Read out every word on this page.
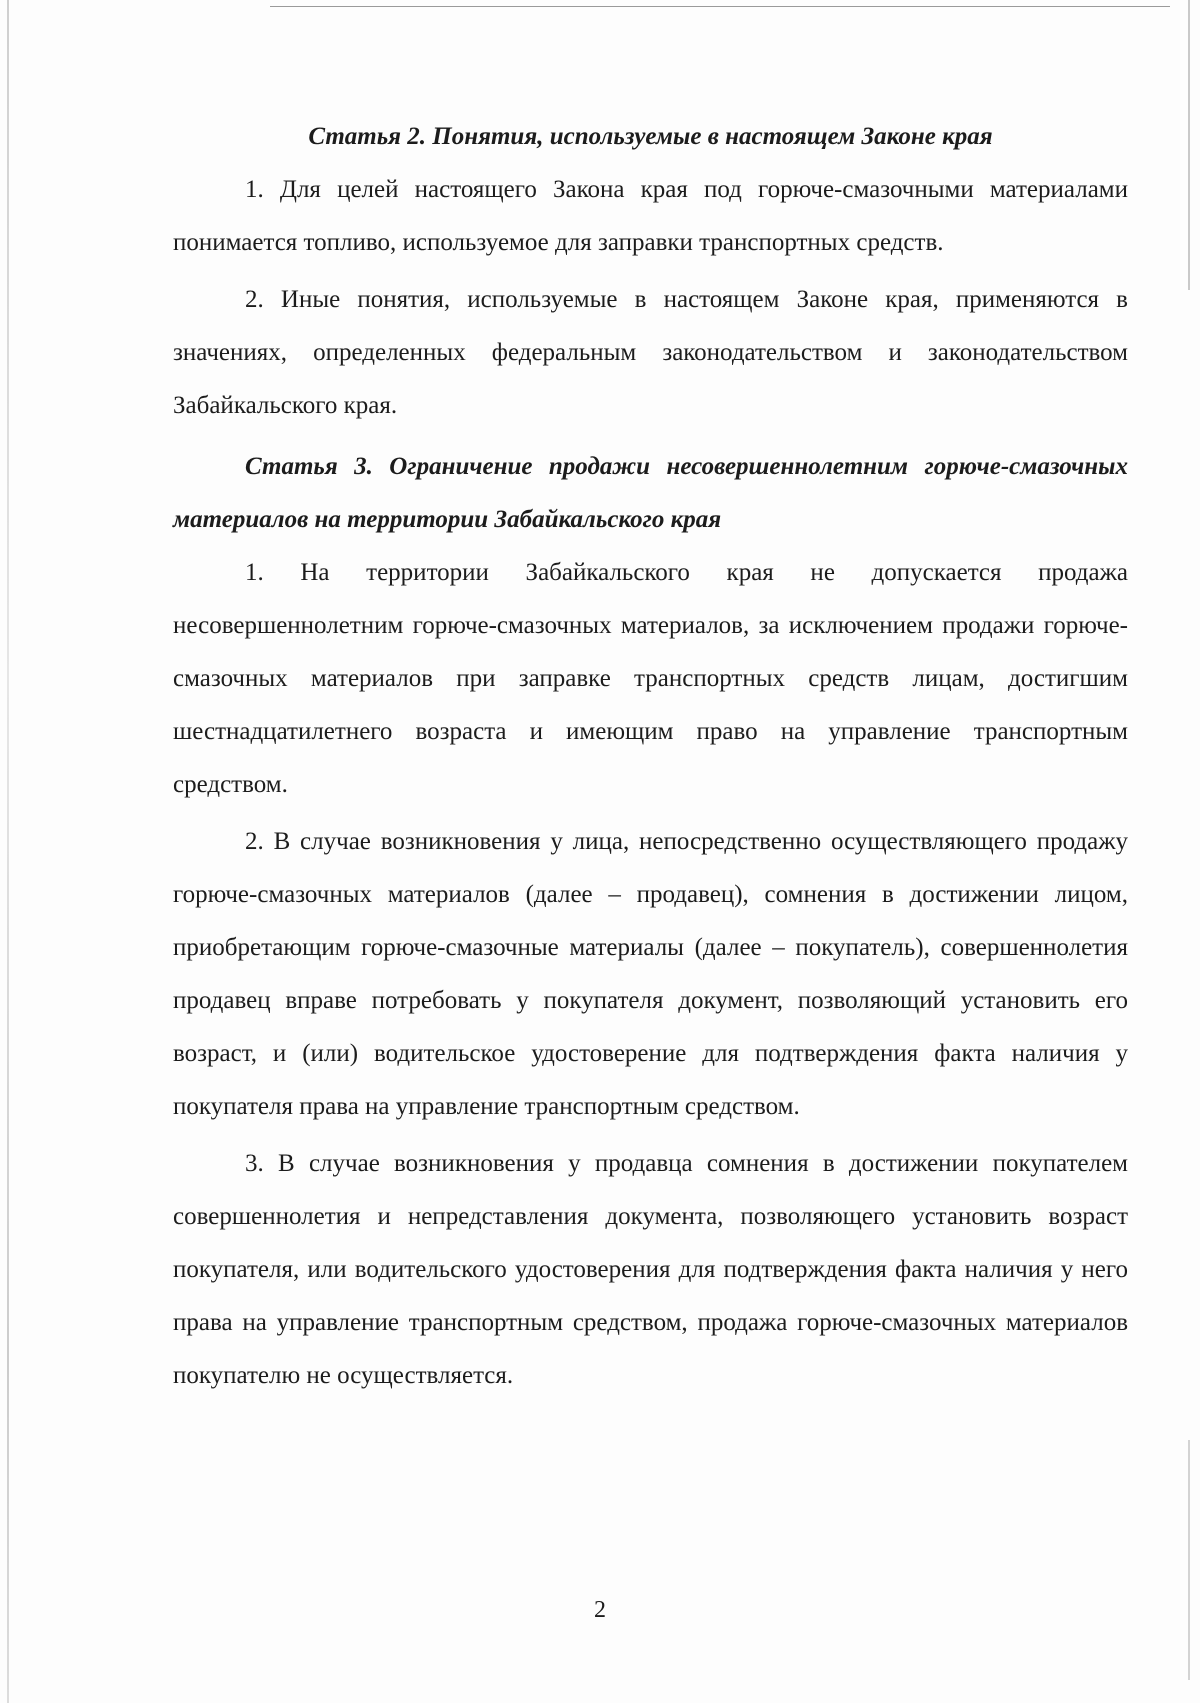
Статья 2. Понятия, используемые в настоящем Законе края

1. Для целей настоящего Закона края под горюче-смазочными материалами понимается топливо, используемое для заправки транспортных средств.

2. Иные понятия, используемые в настоящем Законе края, применяются в значениях, определенных федеральным законодательством и законодательством Забайкальского края.

Статья 3. Ограничение продажи несовершеннолетним горюче-смазочных материалов на территории Забайкальского края

1. На территории Забайкальского края не допускается продажа несовершеннолетним горюче-смазочных материалов, за исключением продажи горюче-смазочных материалов при заправке транспортных средств лицам, достигшим шестнадцатилетнего возраста и имеющим право на управление транспортным средством.

2. В случае возникновения у лица, непосредственно осуществляющего продажу горюче-смазочных материалов (далее – продавец), сомнения в достижении лицом, приобретающим горюче-смазочные материалы (далее – покупатель), совершеннолетия продавец вправе потребовать у покупателя документ, позволяющий установить его возраст, и (или) водительское удостоверение для подтверждения факта наличия у покупателя права на управление транспортным средством.

3. В случае возникновения у продавца сомнения в достижении покупателем совершеннолетия и непредставления документа, позволяющего установить возраст покупателя, или водительского удостоверения для подтверждения факта наличия у него права на управление транспортным средством, продажа горюче-смазочных материалов покупателю не осуществляется.

2
